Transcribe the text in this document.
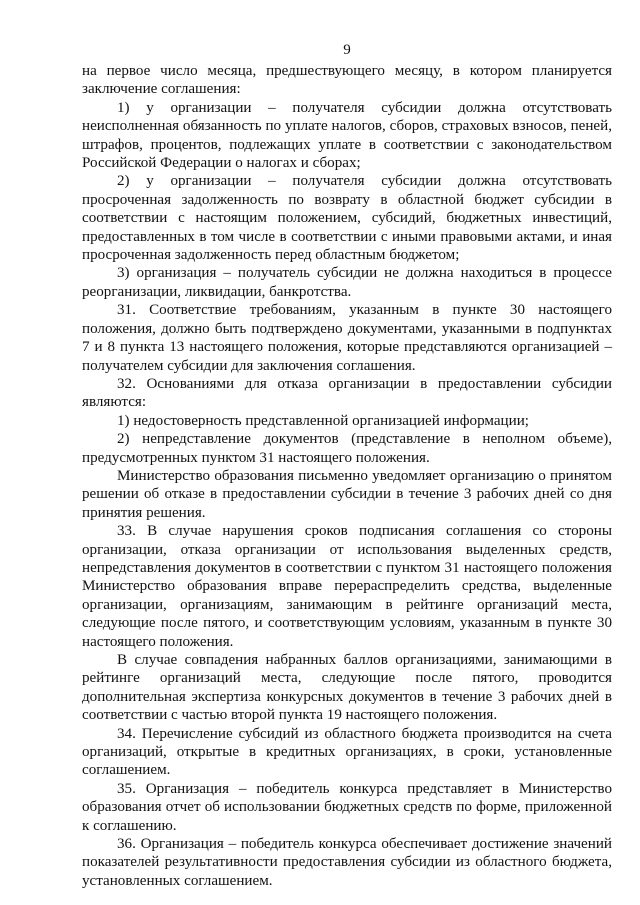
9

на первое число месяца, предшествующего месяцу, в котором планируется заключение соглашения:

1) у организации – получателя субсидии должна отсутствовать неисполненная обязанность по уплате налогов, сборов, страховых взносов, пеней, штрафов, процентов, подлежащих уплате в соответствии с законодательством Российской Федерации о налогах и сборах;

2) у организации – получателя субсидии должна отсутствовать просроченная задолженность по возврату в областной бюджет субсидии в соответствии с настоящим положением, субсидий, бюджетных инвестиций, предоставленных в том числе в соответствии с иными правовыми актами, и иная просроченная задолженность перед областным бюджетом;

3) организация – получатель субсидии не должна находиться в процессе реорганизации, ликвидации, банкротства.

31. Соответствие требованиям, указанным в пункте 30 настоящего положения, должно быть подтверждено документами, указанными в подпунктах 7 и 8 пункта 13 настоящего положения, которые представляются организацией – получателем субсидии для заключения соглашения.

32. Основаниями для отказа организации в предоставлении субсидии являются:

1) недостоверность представленной организацией информации;

2) непредставление документов (представление в неполном объеме), предусмотренных пунктом 31 настоящего положения.

Министерство образования письменно уведомляет организацию о принятом решении об отказе в предоставлении субсидии в течение 3 рабочих дней со дня принятия решения.

33. В случае нарушения сроков подписания соглашения со стороны организации, отказа организации от использования выделенных средств, непредставления документов в соответствии с пунктом 31 настоящего положения Министерство образования вправе перераспределить средства, выделенные организации, организациям, занимающим в рейтинге организаций места, следующие после пятого, и соответствующим условиям, указанным в пункте 30 настоящего положения.

В случае совпадения набранных баллов организациями, занимающими в рейтинге организаций места, следующие после пятого, проводится дополнительная экспертиза конкурсных документов в течение 3 рабочих дней в соответствии с частью второй пункта 19 настоящего положения.

34. Перечисление субсидий из областного бюджета производится на счета организаций, открытые в кредитных организациях, в сроки, установленные соглашением.

35. Организация – победитель конкурса представляет в Министерство образования отчет об использовании бюджетных средств по форме, приложенной к соглашению.

36. Организация – победитель конкурса обеспечивает достижение значений показателей результативности предоставления субсидии из областного бюджета, установленных соглашением.
